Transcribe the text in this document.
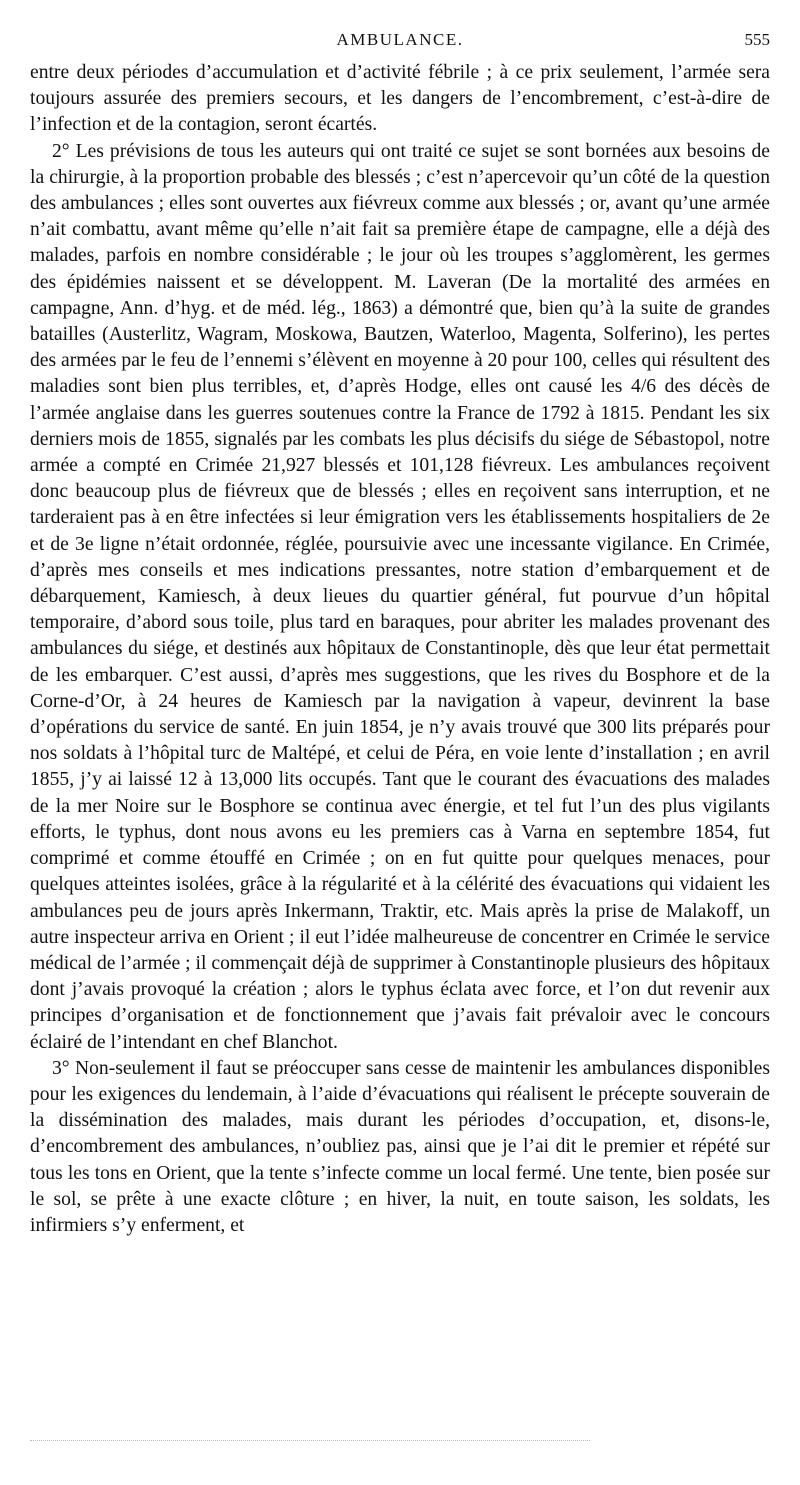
AMBULANCE.	555

entre deux périodes d’accumulation et d’activité fébrile ; à ce prix seulement, l’armée sera toujours assurée des premiers secours, et les dangers de l’encombrement, c’est-à-dire de l’infection et de la contagion, seront écartés.

2° Les prévisions de tous les auteurs qui ont traité ce sujet se sont bornées aux besoins de la chirurgie, à la proportion probable des blessés ; c’est n’apercevoir qu’un côté de la question des ambulances ; elles sont ouvertes aux fiévreux comme aux blessés ; or, avant qu’une armée n’ait combattu, avant même qu’elle n’ait fait sa première étape de campagne, elle a déjà des malades, parfois en nombre considérable ; le jour où les troupes s’agglomèrent, les germes des épidémies naissent et se développent. M. Laveran (De la mortalité des armées en campagne, Ann. d’hyg. et de méd. lég., 1863) a démontré que, bien qu’à la suite de grandes batailles (Austerlitz, Wagram, Moskowa, Bautzen, Waterloo, Magenta, Solferino), les pertes des armées par le feu de l’ennemi s’élèvent en moyenne à 20 pour 100, celles qui résultent des maladies sont bien plus terribles, et, d’après Hodge, elles ont causé les 4/6 des décès de l’armée anglaise dans les guerres soutenues contre la France de 1792 à 1815. Pendant les six derniers mois de 1855, signalés par les combats les plus décisifs du siége de Sébastopol, notre armée a compté en Crimée 21,927 blessés et 101,128 fiévreux. Les ambulances reçoivent donc beaucoup plus de fiévreux que de blessés ; elles en reçoivent sans interruption, et ne tarderaient pas à en être infectées si leur émigration vers les établissements hospitaliers de 2e et de 3e ligne n’était ordonnée, réglée, poursuivie avec une incessante vigilance. En Crimée, d’après mes conseils et mes indications pressantes, notre station d’embarquement et de débarquement, Kamiesch, à deux lieues du quartier général, fut pourvue d’un hôpital temporaire, d’abord sous toile, plus tard en baraques, pour abriter les malades provenant des ambulances du siége, et destinés aux hôpitaux de Constantinople, dès que leur état permettait de les embarquer. C’est aussi, d’après mes suggestions, que les rives du Bosphore et de la Corne-d’Or, à 24 heures de Kamiesch par la navigation à vapeur, devinrent la base d’opérations du service de santé. En juin 1854, je n’y avais trouvé que 300 lits préparés pour nos soldats à l’hôpital turc de Maltépé, et celui de Péra, en voie lente d’installation ; en avril 1855, j’y ai laissé 12 à 13,000 lits occupés. Tant que le courant des évacuations des malades de la mer Noire sur le Bosphore se continua avec énergie, et tel fut l’un des plus vigilants efforts, le typhus, dont nous avons eu les premiers cas à Varna en septembre 1854, fut comprimé et comme étouffé en Crimée ; on en fut quitte pour quelques menaces, pour quelques atteintes isolées, grâce à la régularité et à la célérité des évacuations qui vidaient les ambulances peu de jours après Inkermann, Traktir, etc. Mais après la prise de Malakoff, un autre inspecteur arriva en Orient ; il eut l’idée malheureuse de concentrer en Crimée le service médical de l’armée ; il commençait déjà de supprimer à Constantinople plusieurs des hôpitaux dont j’avais provoqué la création ; alors le typhus éclata avec force, et l’on dut revenir aux principes d’organisation et de fonctionnement que j’avais fait prévaloir avec le concours éclairé de l’intendant en chef Blanchot.

3° Non-seulement il faut se préoccuper sans cesse de maintenir les ambulances disponibles pour les exigences du lendemain, à l’aide d’évacuations qui réalisent le précepte souverain de la dissémination des malades, mais durant les périodes d’occupation, et, disons-le, d’encombrement des ambulances, n’oubliez pas, ainsi que je l’ai dit le premier et répété sur tous les tons en Orient, que la tente s’infecte comme un local fermé. Une tente, bien posée sur le sol, se prête à une exacte clôture ; en hiver, la nuit, en toute saison, les soldats, les infirmiers s’y enferment, et
